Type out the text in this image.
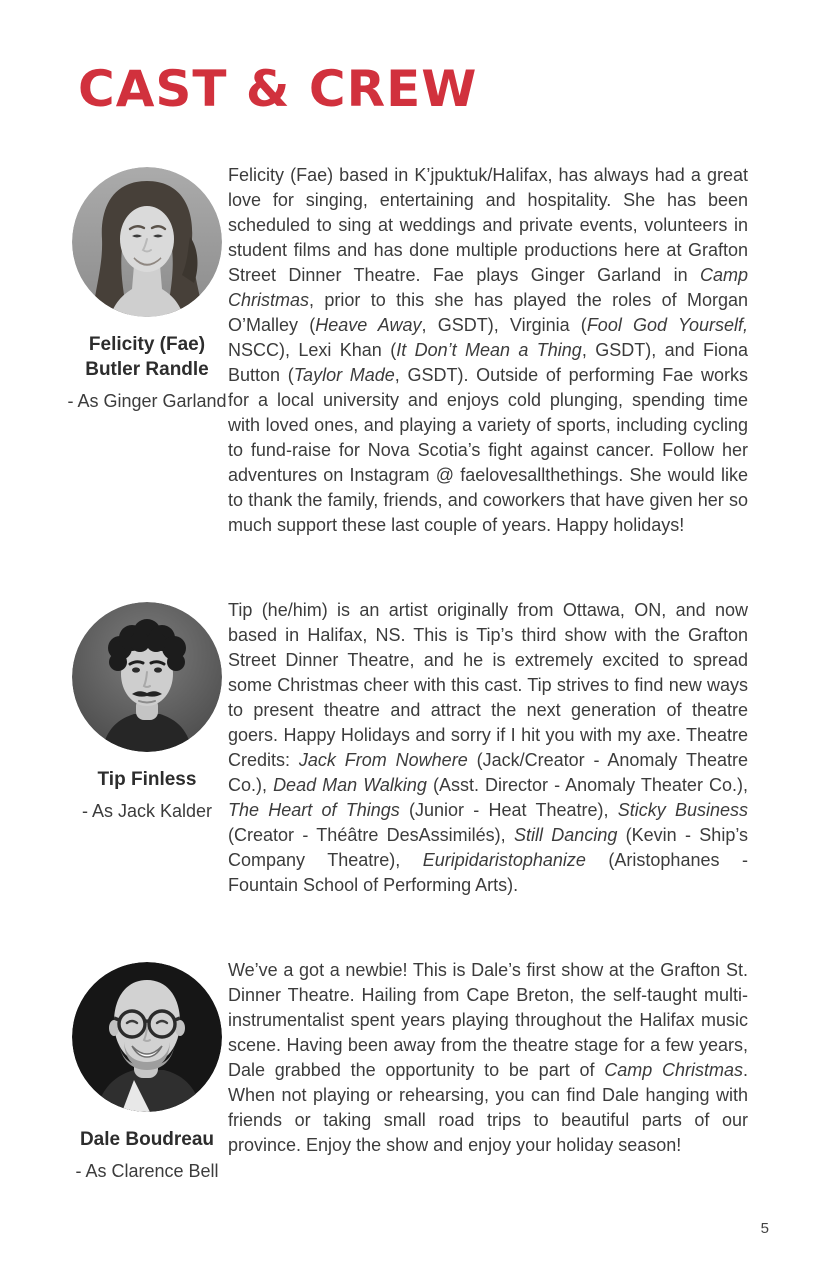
CAST & CREW
Felicity (Fae) Butler Randle
- As Ginger Garland

Felicity (Fae) based in K’jpuktuk/Halifax, has always had a great love for singing, entertaining and hospitality. She has been scheduled to sing at weddings and private events, volunteers in student films and has done multiple productions here at Grafton Street Dinner Theatre. Fae plays Ginger Garland in Camp Christmas, prior to this she has played the roles of Morgan O’Malley (Heave Away, GSDT), Virginia (Fool God Yourself, NSCC), Lexi Khan (It Don’t Mean a Thing, GSDT), and Fiona Button (Taylor Made, GSDT). Outside of performing Fae works for a local university and enjoys cold plunging, spending time with loved ones, and playing a variety of sports, including cycling to fund-raise for Nova Scotia’s fight against cancer. Follow her adventures on Instagram @ faelovesallthethings. She would like to thank the family, friends, and coworkers that have given her so much support these last couple of years. Happy holidays!

Tip Finless
- As Jack Kalder

Tip (he/him) is an artist originally from Ottawa, ON, and now based in Halifax, NS. This is Tip’s third show with the Grafton Street Dinner Theatre, and he is extremely excited to spread some Christmas cheer with this cast. Tip strives to find new ways to present theatre and attract the next generation of theatre goers. Happy Holidays and sorry if I hit you with my axe. Theatre Credits: Jack From Nowhere (Jack/Creator - Anomaly Theatre Co.), Dead Man Walking (Asst. Director - Anomaly Theater Co.), The Heart of Things (Junior - Heat Theatre), Sticky Business (Creator - Théâtre DesAssimilés), Still Dancing (Kevin - Ship’s Company Theatre), Euripidaristophanize (Aristophanes - Fountain School of Performing Arts).

Dale Boudreau
- As Clarence Bell

We’ve a got a newbie! This is Dale’s first show at the Grafton St. Dinner Theatre. Hailing from Cape Breton, the self-taught multi-instrumentalist spent years playing throughout the Halifax music scene. Having been away from the theatre stage for a few years, Dale grabbed the opportunity to be part of Camp Christmas. When not playing or rehearsing, you can find Dale hanging with friends or taking small road trips to beautiful parts of our province. Enjoy the show and enjoy your holiday season!

5
